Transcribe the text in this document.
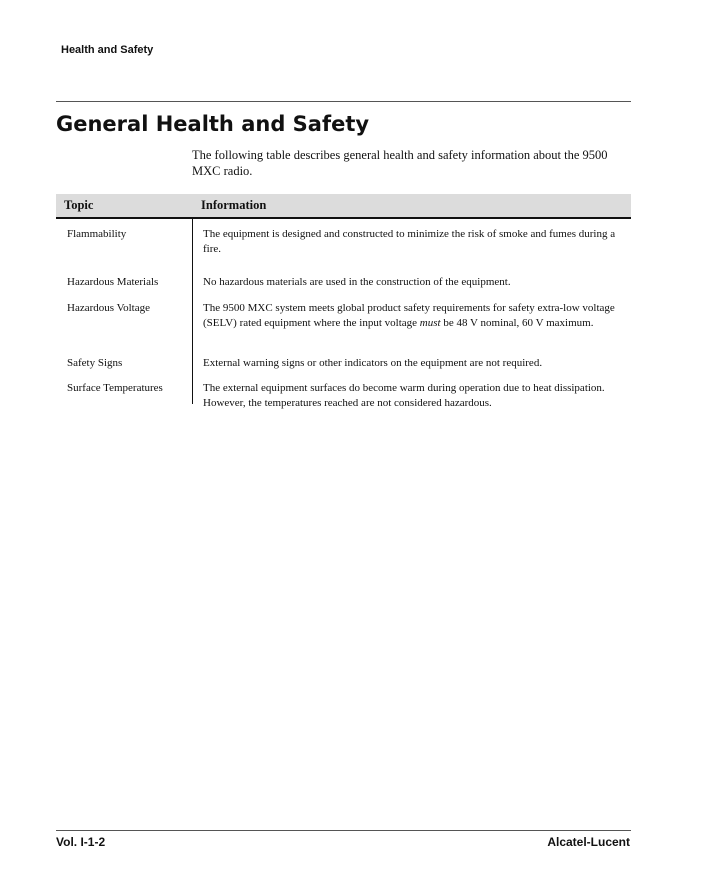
Health and Safety
General Health and Safety

The following table describes general health and safety information about the 9500 MXC radio.

Topic	Information
Flammability	The equipment is designed and constructed to minimize the risk of smoke and fumes during a fire.
Hazardous Materials	No hazardous materials are used in the construction of the equipment.
Hazardous Voltage	The 9500 MXC system meets global product safety requirements for safety extra-low voltage (SELV) rated equipment where the input voltage must be 48 V nominal, 60 V maximum.
Safety Signs	External warning signs or other indicators on the equipment are not required.
Surface Temperatures	The external equipment surfaces do become warm during operation due to heat dissipation. However, the temperatures reached are not considered hazardous.
Vol. I-1-2	Alcatel-Lucent
